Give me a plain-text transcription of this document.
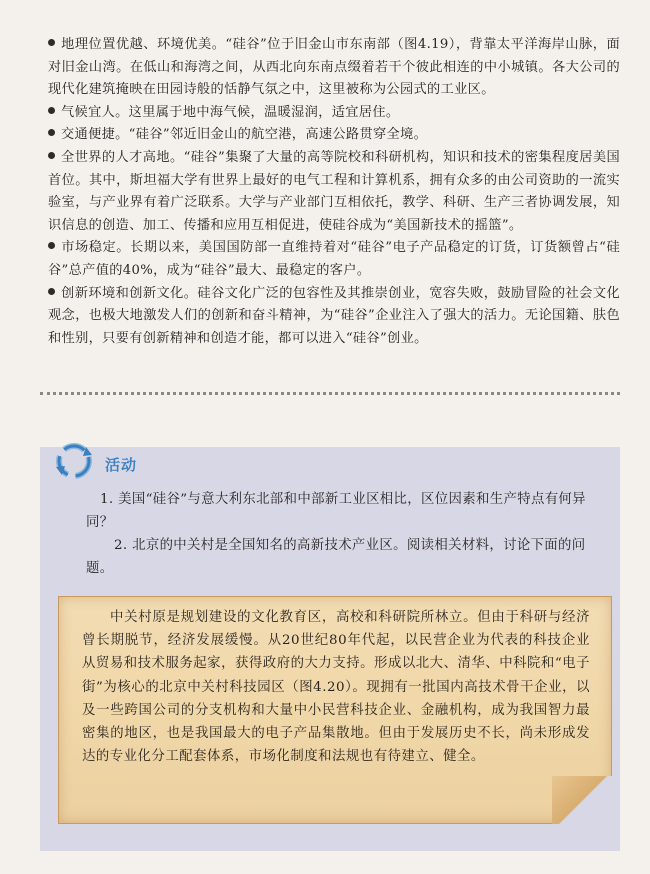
地理位置优越、环境优美。“硅谷”位于旧金山市东南部（图4.19），背靠太平洋海岸山脉，面对旧金山湾。在低山和海湾之间，从西北向东南点缀着若干个彼此相连的中小城镇。各大公司的现代化建筑掩映在田园诗般的恬静气氛之中，这里被称为公园式的工业区。

气候宜人。这里属于地中海气候，温暖湿润，适宜居住。

交通便捷。“硅谷”邻近旧金山的航空港，高速公路贯穿全境。

全世界的人才高地。“硅谷”集聚了大量的高等院校和科研机构，知识和技术的密集程度居美国首位。其中，斯坦福大学有世界上最好的电气工程和计算机系，拥有众多的由公司资助的一流实验室，与产业界有着广泛联系。大学与产业部门互相依托，教学、科研、生产三者协调发展，知识信息的创造、加工、传播和应用互相促进，使硅谷成为“美国新技术的摇篮”。

市场稳定。长期以来，美国国防部一直维持着对“硅谷”电子产品稳定的订货，订货额曾占“硅谷”总产值的40%，成为“硅谷”最大、最稳定的客户。

创新环境和创新文化。硅谷文化广泛的包容性及其推崇创业，宽容失败，鼓励冒险的社会文化观念，也极大地激发人们的创新和奋斗精神，为“硅谷”企业注入了强大的活力。无论国籍、肤色和性别，只要有创新精神和创造才能，都可以进入“硅谷”创业。

活动

1. 美国“硅谷”与意大利东北部和中部新工业区相比，区位因素和生产特点有何异同？

2. 北京的中关村是全国知名的高新技术产业区。阅读相关材料，讨论下面的问题。

中关村原是规划建设的文化教育区，高校和科研院所林立。但由于科研与经济曾长期脱节，经济发展缓慢。从20世纪80年代起，以民营企业为代表的科技企业从贸易和技术服务起家，获得政府的大力支持。形成以北大、清华、中科院和“电子街”为核心的北京中关村科技园区（图4.20）。现拥有一批国内高技术骨干企业，以及一些跨国公司的分支机构和大量中小民营科技企业、金融机构，成为我国智力最密集的地区，也是我国最大的电子产品集散地。但由于发展历史不长，尚未形成发达的专业化分工配套体系，市场化制度和法规也有待建立、健全。
